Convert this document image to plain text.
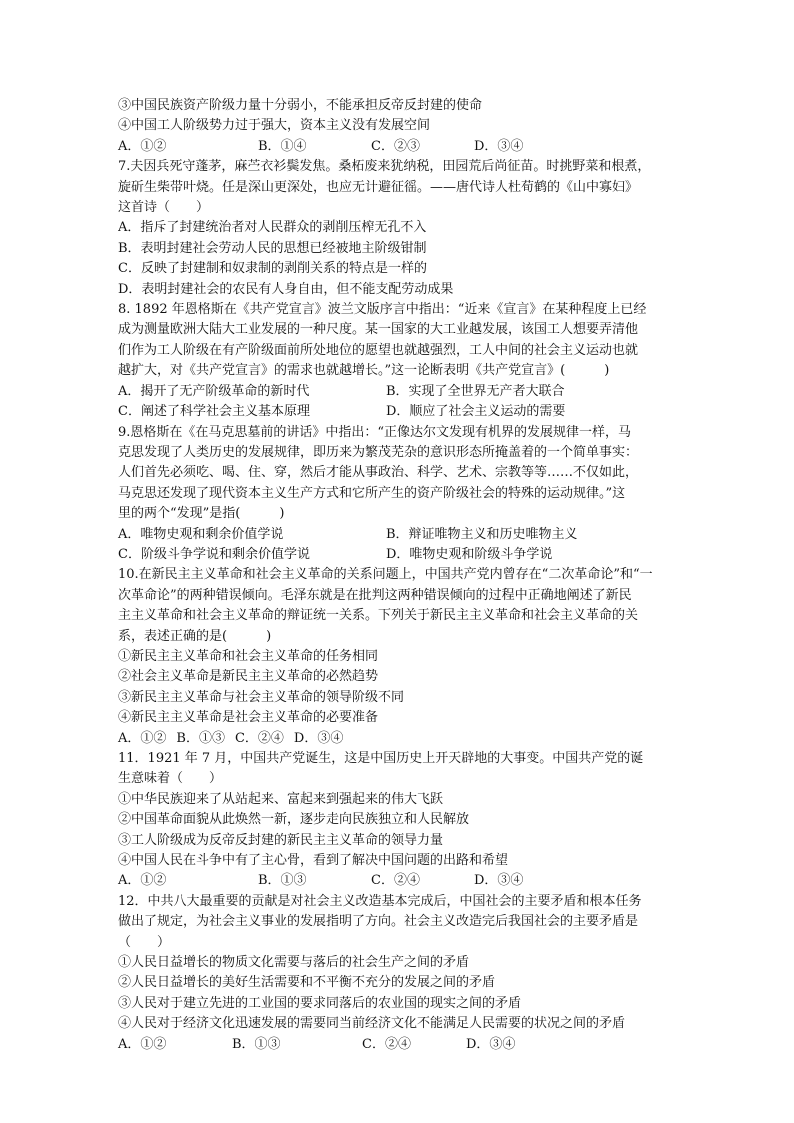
③中国民族资产阶级力量十分弱小，不能承担反帝反封建的使命
④中国工人阶级势力过于强大，资本主义没有发展空间
A．①②	B．①④	C．②③	D．③④
7.夫因兵死守蓬茅，麻苎衣衫鬓发焦。桑柘废来犹纳税，田园荒后尚征苗。时挑野菜和根煮，
旋斫生柴带叶烧。任是深山更深处，也应无计避征徭。——唐代诗人杜荀鹤的《山中寡妇》
这首诗（　　）
A．指斥了封建统治者对人民群众的剥削压榨无孔不入
B．表明封建社会劳动人民的思想已经被地主阶级钳制
C．反映了封建制和奴隶制的剥削关系的特点是一样的
D．表明封建社会的农民有人身自由，但不能支配劳动成果
8. 1892 年恩格斯在《共产党宣言》波兰文版序言中指出：“近来《宣言》在某种程度上已经
成为测量欧洲大陆大工业发展的一种尺度。某一国家的大工业越发展，该国工人想要弄清他
们作为工人阶级在有产阶级面前所处地位的愿望也就越强烈，工人中间的社会主义运动也就
越扩大，对《共产党宣言》的需求也就越增长。”这一论断表明《共产党宣言》(　　　)
A．揭开了无产阶级革命的新时代	B．实现了全世界无产者大联合
C．阐述了科学社会主义基本原理	D．顺应了社会主义运动的需要
9.恩格斯在《在马克思墓前的讲话》中指出：“正像达尔文发现有机界的发展规律一样，马
克思发现了人类历史的发展规律，即历来为繁茂芜杂的意识形态所掩盖着的一个简单事实：
人们首先必须吃、喝、住、穿，然后才能从事政治、科学、艺术、宗教等等……不仅如此，
马克思还发现了现代资本主义生产方式和它所产生的资产阶级社会的特殊的运动规律。”这
里的两个“发现”是指(　　　)
A．唯物史观和剩余价值学说	B．辩证唯物主义和历史唯物主义
C．阶级斗争学说和剩余价值学说	D．唯物史观和阶级斗争学说
10.在新民主主义革命和社会主义革命的关系问题上，中国共产党内曾存在“二次革命论”和“一
次革命论”的两种错误倾向。毛泽东就是在批判这两种错误倾向的过程中正确地阐述了新民
主主义革命和社会主义革命的辩证统一关系。下列关于新民主主义革命和社会主义革命的关
系，表述正确的是(　　　)
①新民主主义革命和社会主义革命的任务相同
②社会主义革命是新民主主义革命的必然趋势
③新民主主义革命与社会主义革命的领导阶级不同
④新民主主义革命是社会主义革命的必要准备
A．①② B．①③ C．②④ D．③④
11．1921 年 7 月，中国共产党诞生，这是中国历史上开天辟地的大事变。中国共产党的诞
生意味着（　　）
①中华民族迎来了从站起来、富起来到强起来的伟大飞跃
②中国革命面貌从此焕然一新，逐步走向民族独立和人民解放
③工人阶级成为反帝反封建的新民主主义革命的领导力量
④中国人民在斗争中有了主心骨，看到了解决中国问题的出路和希望
A．①②	B．①③	C．②④	D．③④
12．中共八大最重要的贡献是对社会主义改造基本完成后，中国社会的主要矛盾和根本任务
做出了规定，为社会主义事业的发展指明了方向。社会主义改造完后我国社会的主要矛盾是
（　　）
①人民日益增长的物质文化需要与落后的社会生产之间的矛盾
②人民日益增长的美好生活需要和不平衡不充分的发展之间的矛盾
③人民对于建立先进的工业国的要求同落后的农业国的现实之间的矛盾
④人民对于经济文化迅速发展的需要同当前经济文化不能满足人民需要的状况之间的矛盾
A．①②	B．①③	C．②④	D．③④
